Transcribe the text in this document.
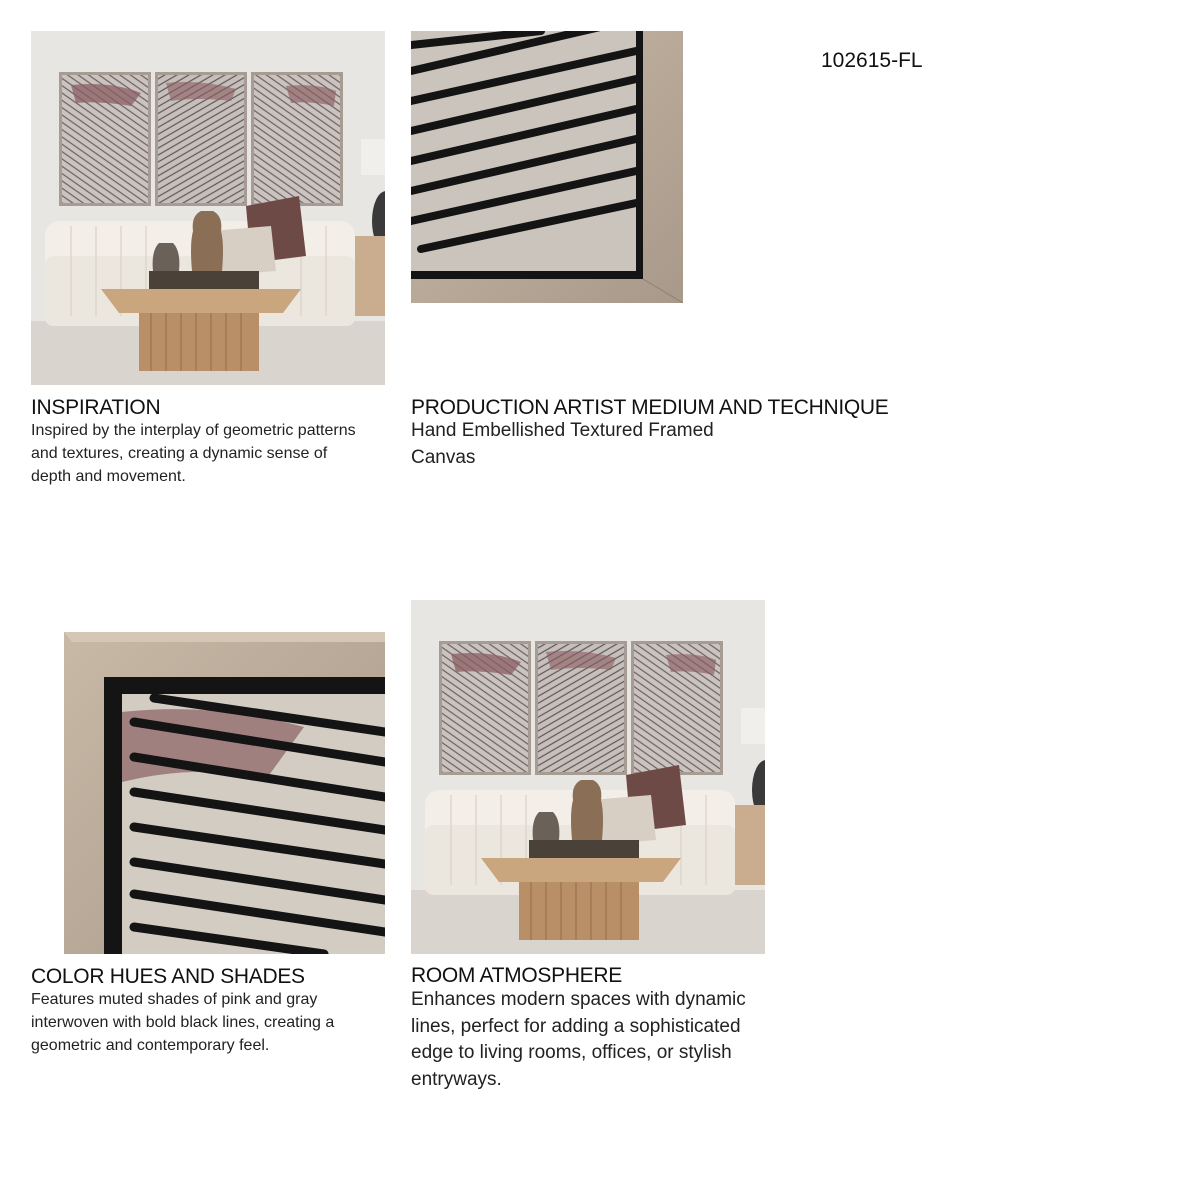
102615-FL
INSPIRATION
Inspired by the interplay of geometric patterns and textures, creating a dynamic sense of depth and movement.
PRODUCTION ARTIST MEDIUM AND TECHNIQUE
Hand Embellished Textured Framed Canvas
COLOR HUES AND SHADES
Features muted shades of pink and gray interwoven with bold black lines, creating a geometric and contemporary feel.
ROOM ATMOSPHERE
Enhances modern spaces with dynamic lines, perfect for adding a sophisticated edge to living rooms, offices, or stylish entryways.
